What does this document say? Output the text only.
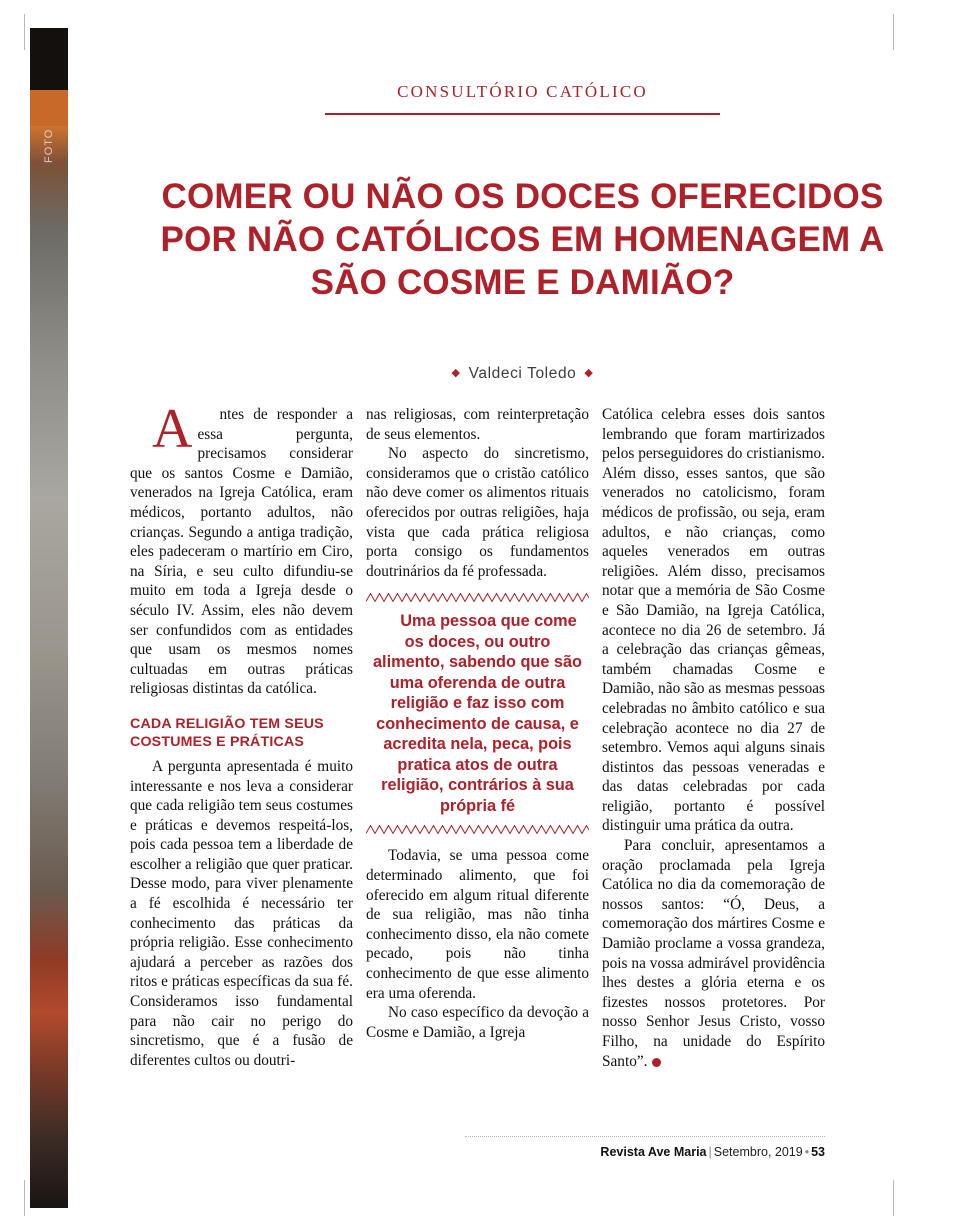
FOTO
CONSULTÓRIO CATÓLICO
COMER OU NÃO OS DOCES OFERECIDOS POR NÃO CATÓLICOS EM HOMENAGEM A SÃO COSME E DAMIÃO?
◆ Valdeci Toledo ◆

Antes de responder a essa pergunta, precisamos considerar que os santos Cosme e Damião, venerados na Igreja Católica, eram médicos, portanto adultos, não crianças. Segundo a antiga tradição, eles padeceram o martírio em Ciro, na Síria, e seu culto difundiu-se muito em toda a Igreja desde o século IV. Assim, eles não devem ser confundidos com as entidades que usam os mesmos nomes cultuadas em outras práticas religiosas distintas da católica.

CADA RELIGIÃO TEM SEUS COSTUMES E PRÁTICAS

A pergunta apresentada é muito interessante e nos leva a considerar que cada religião tem seus costumes e práticas e devemos respeitá-los, pois cada pessoa tem a liberdade de escolher a religião que quer praticar. Desse modo, para viver plenamente a fé escolhida é necessário ter conhecimento das práticas da própria religião. Esse conhecimento ajudará a perceber as razões dos ritos e práticas específicas da sua fé. Consideramos isso fundamental para não cair no perigo do sincretismo, que é a fusão de diferentes cultos ou doutri-

nas religiosas, com reinterpretação de seus elementos.

No aspecto do sincretismo, consideramos que o cristão católico não deve comer os alimentos rituais oferecidos por outras religiões, haja vista que cada prática religiosa porta consigo os fundamentos doutrinários da fé professada.

Uma pessoa que come os doces, ou outro alimento, sabendo que são uma oferenda de outra religião e faz isso com conhecimento de causa, e acredita nela, peca, pois pratica atos de outra religião, contrários à sua própria fé

Todavia, se uma pessoa come determinado alimento, que foi oferecido em algum ritual diferente de sua religião, mas não tinha conhecimento disso, ela não comete pecado, pois não tinha conhecimento de que esse alimento era uma oferenda.

No caso específico da devoção a Cosme e Damião, a Igreja

Católica celebra esses dois santos lembrando que foram martirizados pelos perseguidores do cristianismo. Além disso, esses santos, que são venerados no catolicismo, foram médicos de profissão, ou seja, eram adultos, e não crianças, como aqueles venerados em outras religiões. Além disso, precisamos notar que a memória de São Cosme e São Damião, na Igreja Católica, acontece no dia 26 de setembro. Já a celebração das crianças gêmeas, também chamadas Cosme e Damião, não são as mesmas pessoas celebradas no âmbito católico e sua celebração acontece no dia 27 de setembro. Vemos aqui alguns sinais distintos das pessoas veneradas e das datas celebradas por cada religião, portanto é possível distinguir uma prática da outra.

Para concluir, apresentamos a oração proclamada pela Igreja Católica no dia da comemoração de nossos santos: “Ó, Deus, a comemoração dos mártires Cosme e Damião proclame a vossa grandeza, pois na vossa admirável providência lhes destes a glória eterna e os fizestes nossos protetores. Por nosso Senhor Jesus Cristo, vosso Filho, na unidade do Espírito Santo”.

Revista Ave Maria | Setembro, 2019 • 53
